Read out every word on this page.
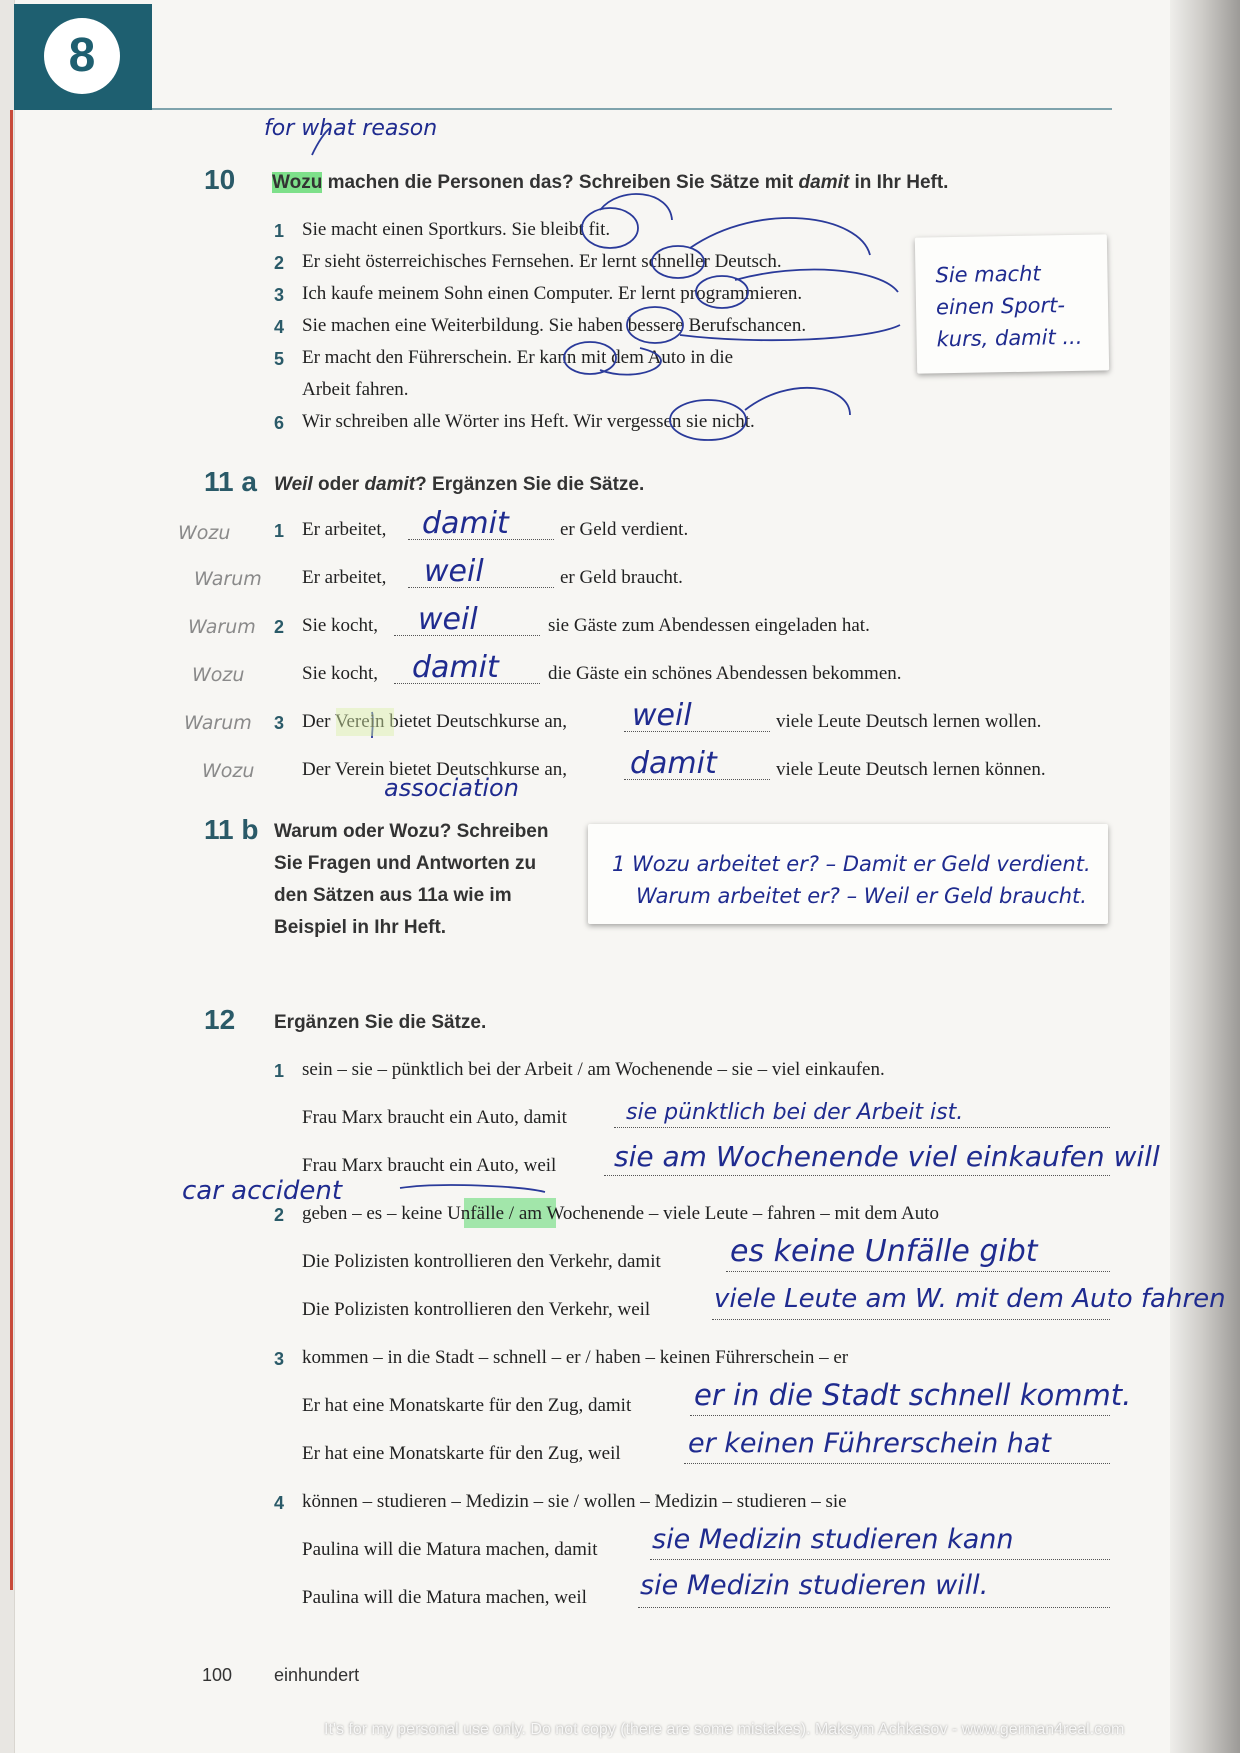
8
for what reason
10 Wozu machen die Personen das? Schreiben Sie Sätze mit damit in Ihr Heft.
1 Sie macht einen Sportkurs. Sie bleibt fit.
2 Er sieht österreichisches Fernsehen. Er lernt schneller Deutsch.
3 Ich kaufe meinem Sohn einen Computer. Er lernt programmieren.
4 Sie machen eine Weiterbildung. Sie haben bessere Berufschancen.
5 Er macht den Führerschein. Er kann mit dem Auto in die
Arbeit fahren.
6 Wir schreiben alle Wörter ins Heft. Wir vergessen sie nicht.
Sie macht
einen Sport-
kurs, damit ...
11 a Weil oder damit? Ergänzen Sie die Sätze.
Wozu 1 Er arbeitet, damit	er Geld verdient.
Warum Er arbeitet, weil	er Geld braucht.
Warum 2 Sie kocht, weil	sie Gäste zum Abendessen eingeladen hat.
Wozu	Sie kocht, damit	die Gäste ein schönes Abendessen bekommen.
Warum 3 Der Verein bietet Deutschkurse an, weil	viele Leute Deutsch lernen wollen.
Wozu	Der Verein bietet Deutschkurse an, damit	viele Leute Deutsch lernen können.
association
11 b Warum oder Wozu? Schreiben
Sie Fragen und Antworten zu
den Sätzen aus 11a wie im
Beispiel in Ihr Heft.
1 Wozu arbeitet er? – Damit er Geld verdient.
Warum arbeitet er? – Weil er Geld braucht.
12 Ergänzen Sie die Sätze.
1 sein – sie – pünktlich bei der Arbeit / am Wochenende – sie – viel einkaufen.
Frau Marx braucht ein Auto, damit	sie pünktlich bei der Arbeit ist.
Frau Marx braucht ein Auto, weil sie am Wochenende viel einkaufen will
car accident
2 geben – es – keine Unfälle / am Wochenende – viele Leute – fahren – mit dem Auto
Die Polizisten kontrollieren den Verkehr, damit es keine Unfälle gibt
Die Polizisten kontrollieren den Verkehr, weil viele Leute am W. mit dem Auto fahren
3 kommen – in die Stadt – schnell – er / haben – keinen Führerschein – er
Er hat eine Monatskarte für den Zug, damit er in die Stadt schnell kommt.
Er hat eine Monatskarte für den Zug, weil er keinen Führerschein hat
4 können – studieren – Medizin – sie / wollen – Medizin – studieren – sie
Paulina will die Matura machen, damit sie Medizin studieren kann
Paulina will die Matura machen, weil sie Medizin studieren will.
100 einhundert
It's for my personal use only. Do not copy (there are some mistakes). Maksym Achkasov - www.german4real.com
